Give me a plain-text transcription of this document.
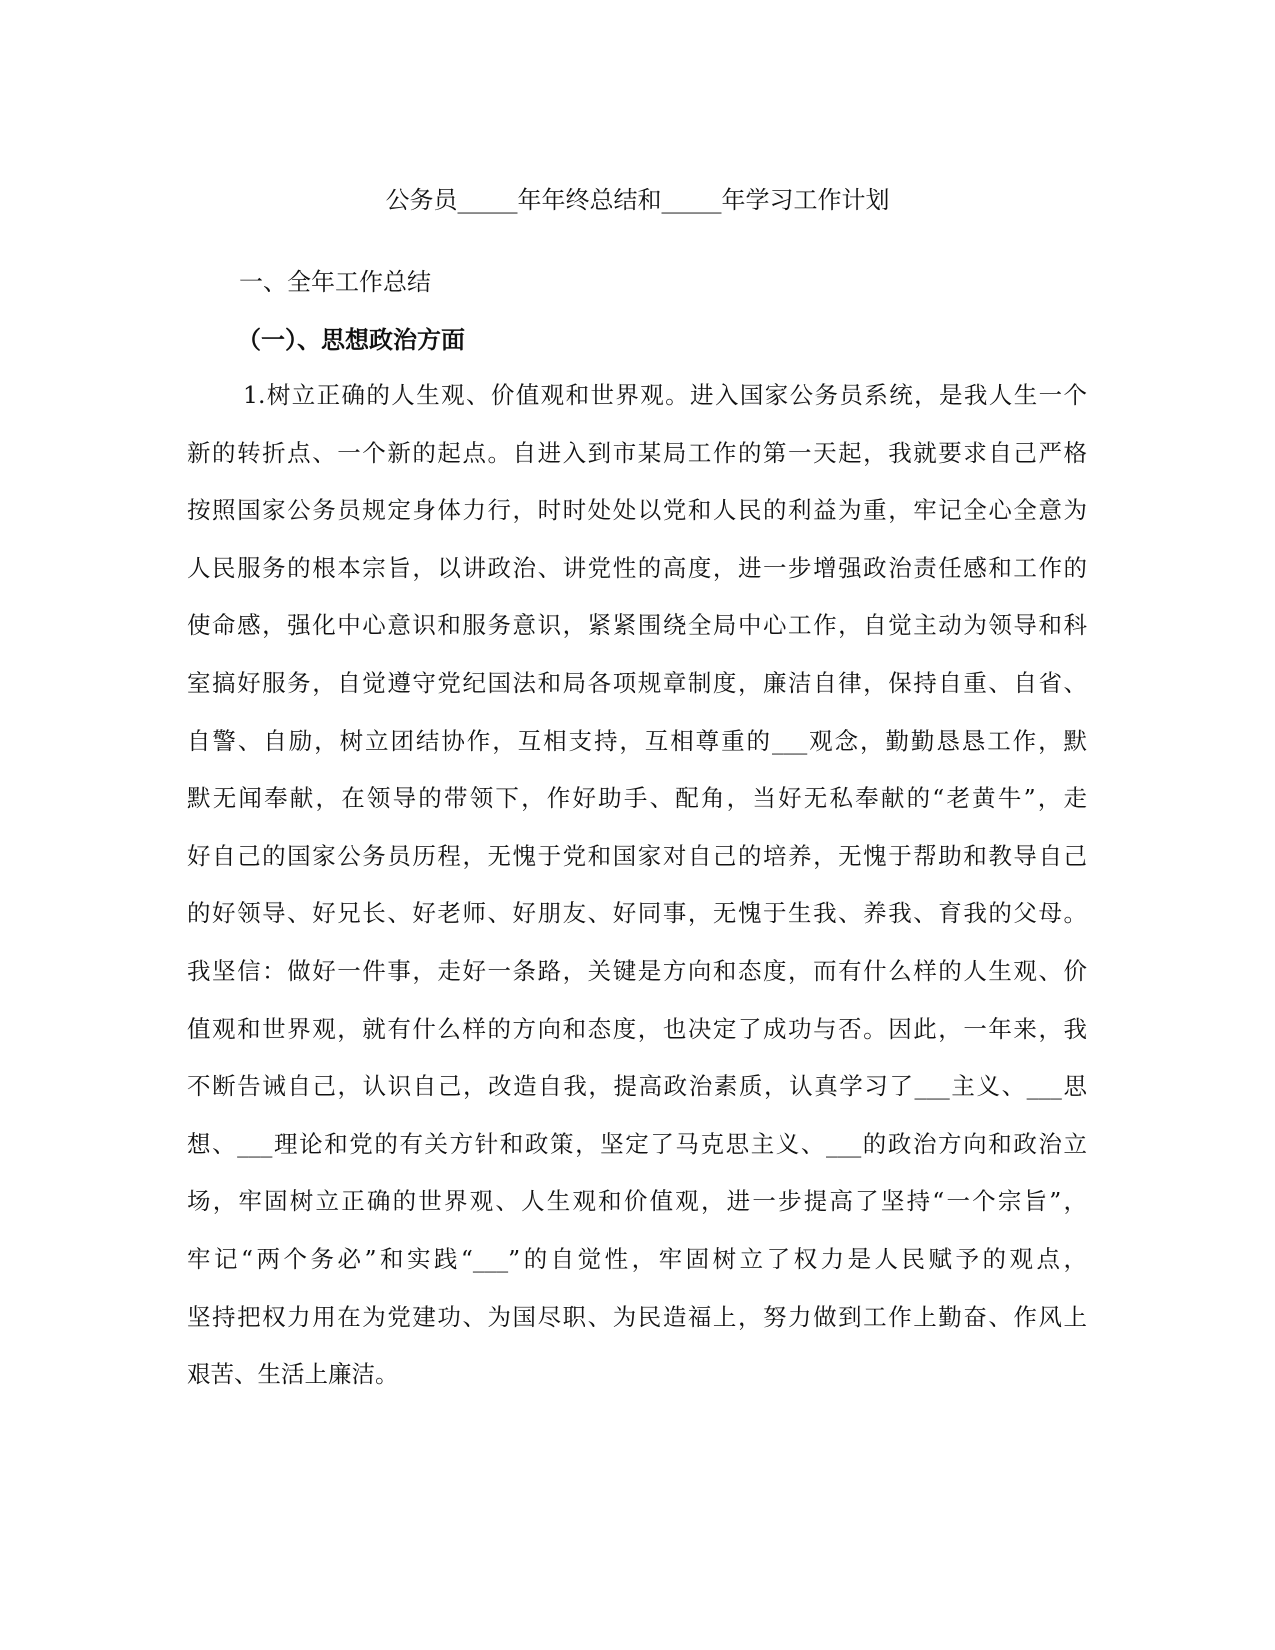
公务员_____年年终总结和_____年学习工作计划
一、全年工作总结
（一）、思想政治方面
1.树立正确的人生观、价值观和世界观。进入国家公务员系统，是我人生一个
新的转折点、一个新的起点。自进入到市某局工作的第一天起，我就要求自己严格
按照国家公务员规定身体力行，时时处处以党和人民的利益为重，牢记全心全意为
人民服务的根本宗旨，以讲政治、讲党性的高度，进一步增强政治责任感和工作的
使命感，强化中心意识和服务意识，紧紧围绕全局中心工作，自觉主动为领导和科
室搞好服务，自觉遵守党纪国法和局各项规章制度，廉洁自律，保持自重、自省、
自警、自励，树立团结协作，互相支持，互相尊重的___观念，勤勤恳恳工作，默
默无闻奉献，在领导的带领下，作好助手、配角，当好无私奉献的“老黄牛”，走
好自己的国家公务员历程，无愧于党和国家对自己的培养，无愧于帮助和教导自己
的好领导、好兄长、好老师、好朋友、好同事，无愧于生我、养我、育我的父母。
我坚信：做好一件事，走好一条路，关键是方向和态度，而有什么样的人生观、价
值观和世界观，就有什么样的方向和态度，也决定了成功与否。因此，一年来，我
不断告诫自己，认识自己，改造自我，提高政治素质，认真学习了___主义、___思
想、___理论和党的有关方针和政策，坚定了马克思主义、___的政治方向和政治立
场，牢固树立正确的世界观、人生观和价值观，进一步提高了坚持“一个宗旨”，
牢记“两个务必”和实践“___”的自觉性，牢固树立了权力是人民赋予的观点，
坚持把权力用在为党建功、为国尽职、为民造福上，努力做到工作上勤奋、作风上
艰苦、生活上廉洁。
